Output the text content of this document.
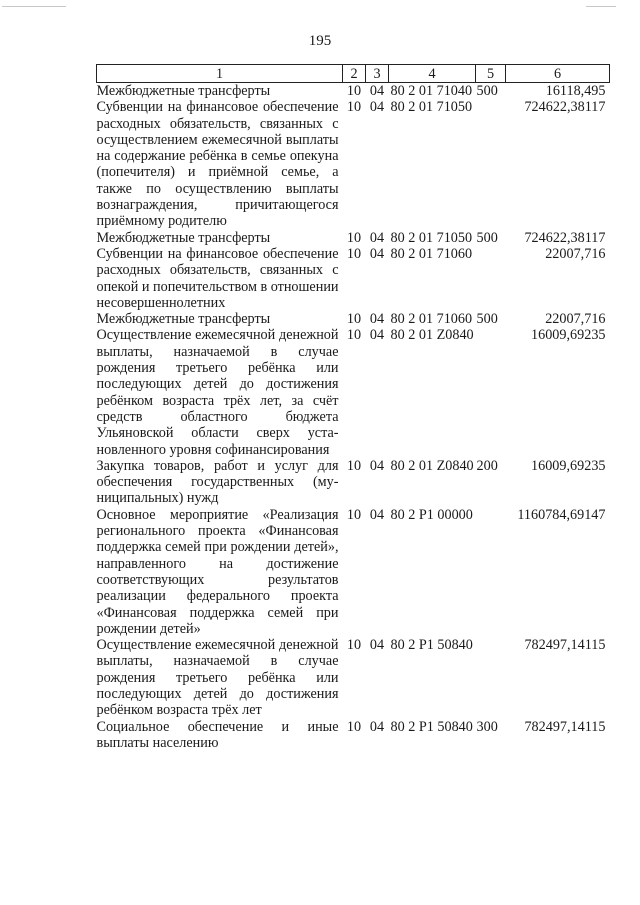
195
1	2	3	4	5	6
Межбюджетные трансферты	10	04	80 2 01 71040	500	16118,495
Субвенции на финансовое обеспечение расходных обязательств, связанных с осуществлением ежемесячной выплаты на содержание ребёнка в семье опекуна (попечителя) и приёмной семье, а также по осуществлению выплаты вознаграждения, причитающегося приёмному родителю	10	04	80 2 01 71050		724622,38117
Межбюджетные трансферты	10	04	80 2 01 71050	500	724622,38117
Субвенции на финансовое обеспечение расходных обязательств, связанных с опекой и попечительством в отношении несовершеннолетних	10	04	80 2 01 71060		22007,716
Межбюджетные трансферты	10	04	80 2 01 71060	500	22007,716
Осуществление ежемесячной денежной выплаты, назначаемой в случае рождения третьего ребёнка или последующих детей до достижения ребёнком возраста трёх лет, за счёт средств областного бюджета Ульяновской области сверх установленного уровня софинансирования	10	04	80 2 01 Z0840		16009,69235
Закупка товаров, работ и услуг для обеспечения государственных (муниципальных) нужд	10	04	80 2 01 Z0840	200	16009,69235
Основное мероприятие «Реализация регионального проекта «Финансовая поддержка семей при рождении детей», направленного на достижение соответствующих результатов реализации федерального проекта «Финансовая поддержка семей при рождении детей»	10	04	80 2 P1 00000		1160784,69147
Осуществление ежемесячной денежной выплаты, назначаемой в случае рождения третьего ребёнка или последующих детей до достижения ребёнком возраста трёх лет	10	04	80 2 P1 50840		782497,14115
Социальное обеспечение и иные выплаты населению	10	04	80 2 P1 50840	300	782497,14115
